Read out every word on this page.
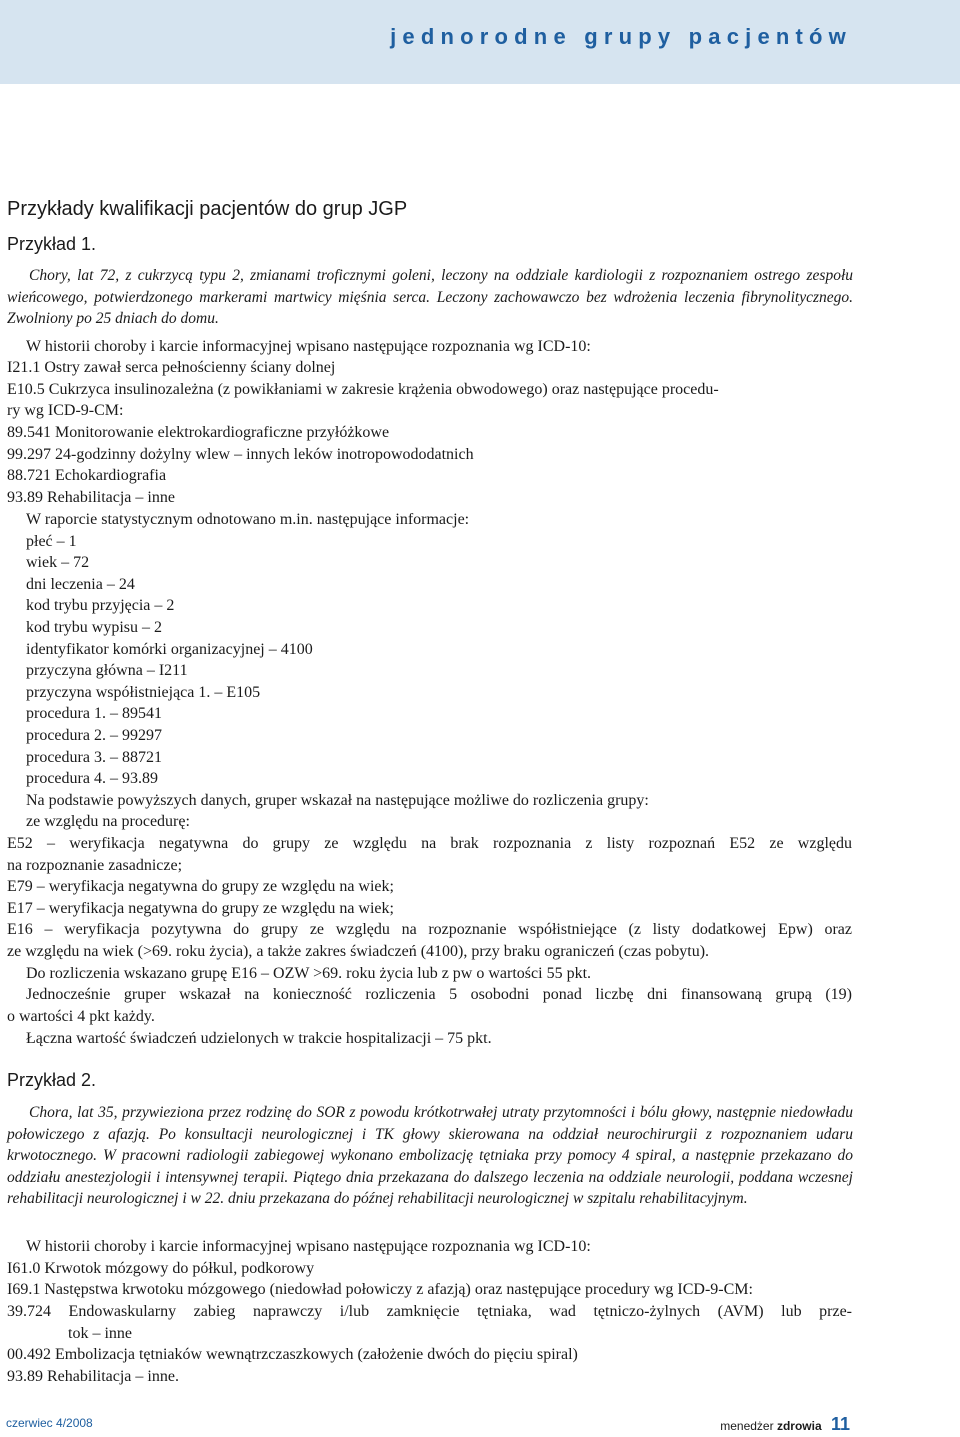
jednorodne grupy pacjentów
Przykłady kwalifikacji pacjentów do grup JGP
Przykład 1.

Chory, lat 72, z cukrzycą typu 2, zmianami troficznymi goleni, leczony na oddziale kardiologii z rozpoznaniem ostrego zespołu wieńcowego, potwierdzonego markerami martwicy mięśnia serca. Leczony zachowawczo bez wdrożenia leczenia fibrynolitycznego. Zwolniony po 25 dniach do domu.

W historii choroby i karcie informacyjnej wpisano następujące rozpoznania wg ICD-10:
I21.1 Ostry zawał serca pełnościenny ściany dolnej
E10.5 Cukrzyca insulinozależna (z powikłaniami w zakresie krążenia obwodowego) oraz następujące procedu-
ry wg ICD-9-CM:
89.541 Monitorowanie elektrokardiograficzne przyłóżkowe
99.297 24-godzinny dożylny wlew – innych leków inotropowododatnich
88.721 Echokardiografia
93.89 Rehabilitacja – inne
W raporcie statystycznym odnotowano m.in. następujące informacje:
płeć – 1
wiek – 72
dni leczenia – 24
kod trybu przyjęcia – 2
kod trybu wypisu – 2
identyfikator komórki organizacyjnej – 4100
przyczyna główna – I211
przyczyna współistniejąca 1. – E105
procedura 1. – 89541
procedura 2. – 99297
procedura 3. – 88721
procedura 4. – 93.89
Na podstawie powyższych danych, gruper wskazał na następujące możliwe do rozliczenia grupy:
ze względu na procedurę:
E52 – weryfikacja negatywna do grupy ze względu na brak rozpoznania z listy rozpoznań E52 ze względu
na rozpoznanie zasadnicze;
E79 – weryfikacja negatywna do grupy ze względu na wiek;
E17 – weryfikacja negatywna do grupy ze względu na wiek;
E16 – weryfikacja pozytywna do grupy ze względu na rozpoznanie współistniejące (z listy dodatkowej Epw) oraz
ze względu na wiek (>69. roku życia), a także zakres świadczeń (4100), przy braku ograniczeń (czas pobytu).
Do rozliczenia wskazano grupę E16 – OZW >69. roku życia lub z pw o wartości 55 pkt.
Jednocześnie gruper wskazał na konieczność rozliczenia 5 osobodni ponad liczbę dni finansowaną grupą (19)
o wartości 4 pkt każdy.
Łączna wartość świadczeń udzielonych w trakcie hospitalizacji – 75 pkt.
Przykład 2.

Chora, lat 35, przywieziona przez rodzinę do SOR z powodu krótkotrwałej utraty przytomności i bólu głowy, następnie niedowładu połowiczego z afazją. Po konsultacji neurologicznej i TK głowy skierowana na oddział neurochirurgii z rozpoznaniem udaru krwotocznego. W pracowni radiologii zabiegowej wykonano embolizację tętniaka przy pomocy 4 spiral, a następnie przekazano do oddziału anestezjologii i intensywnej terapii. Piątego dnia przekazana do dalszego leczenia na oddziale neurologii, poddana wczesnej rehabilitacji neurologicznej i w 22. dniu przekazana do późnej rehabilitacji neurologicznej w szpitalu rehabilitacyjnym.

W historii choroby i karcie informacyjnej wpisano następujące rozpoznania wg ICD-10:
I61.0 Krwotok mózgowy do półkul, podkorowy
I69.1 Następstwa krwotoku mózgowego (niedowład połowiczy z afazją) oraz następujące procedury wg ICD-9-CM:
39.724 Endowaskularny zabieg naprawczy i/lub zamknięcie tętniaka, wad tętniczo-żylnych (AVM) lub prze-
tok – inne
00.492 Embolizacja tętniaków wewnątrzczaszkowych (założenie dwóch do pięciu spiral)
93.89 Rehabilitacja – inne.
czerwiec 4/2008	menedżer zdrowia 11
